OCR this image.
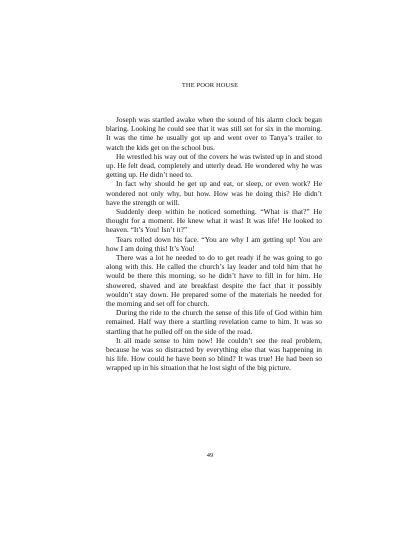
THE POOR HOUSE

Joseph was startled awake when the sound of his alarm clock began blaring. Looking he could see that it was still set for six in the morning. It was the time he usually got up and went over to Tanya’s trailer to watch the kids get on the school bus.

He wrestled his way out of the covers he was twisted up in and stood up. He felt dead, completely and utterly dead. He wondered why he was getting up. He didn’t need to.

In fact why should he get up and eat, or sleep, or even work? He wondered not only why, but how. How was he doing this? He didn’t have the strength or will.

Suddenly deep within he noticed something. “What is that?” He thought for a moment. He knew what it was! It was life! He looked to heaven. “It’s You! Isn’t it?”

Tears rolled down his face. “You are why I am getting up! You are how I am doing this! It’s You!

There was a lot he needed to do to get ready if he was going to go along with this. He called the church’s lay leader and told him that he would be there this morning, so he didn’t have to fill in for him. He showered, shaved and ate breakfast despite the fact that it possibly wouldn’t stay down. He prepared some of the materials he needed for the morning and set off for church.

During the ride to the church the sense of this life of God within him remained. Half way there a startling revelation came to him. It was so startling that he pulled off on the side of the road.

It all made sense to him now! He couldn’t see the real problem, because he was so distracted by everything else that was happening in his life. How could he have been so blind? It was true! He had been so wrapped up in his situation that he lost sight of the big picture.

49
